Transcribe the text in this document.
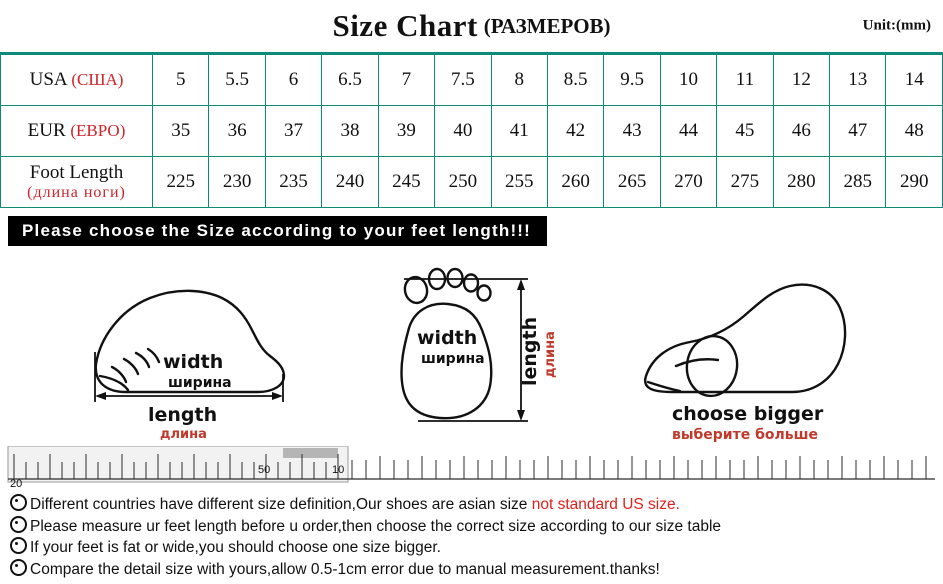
Size Chart (РАЗМЕРОВ)	Unit:(mm)
USA (США)	5	5.5	6	6.5	7	7.5	8	8.5	9.5	10	11	12	13	14
EUR (ЕВРО)	35	36	37	38	39	40	41	42	43	44	45	46	47	48
Foot Length
(длина ноги)	225	230	235	240	245	250	255	260	265	270	275	280	285	290
Please choose the Size according to your feet length!!!
width
ширина
length
длина
width
ширина length длина
choose bigger
выберите больше
20
50	10
Different countries have different size definition,Our shoes are asian size not standard US size.
Please measure ur feet length before u order,then choose the correct size according to our size table
If your feet is fat or wide,you should choose one size bigger.
Compare the detail size with yours,allow 0.5-1cm error due to manual measurement.thanks!
